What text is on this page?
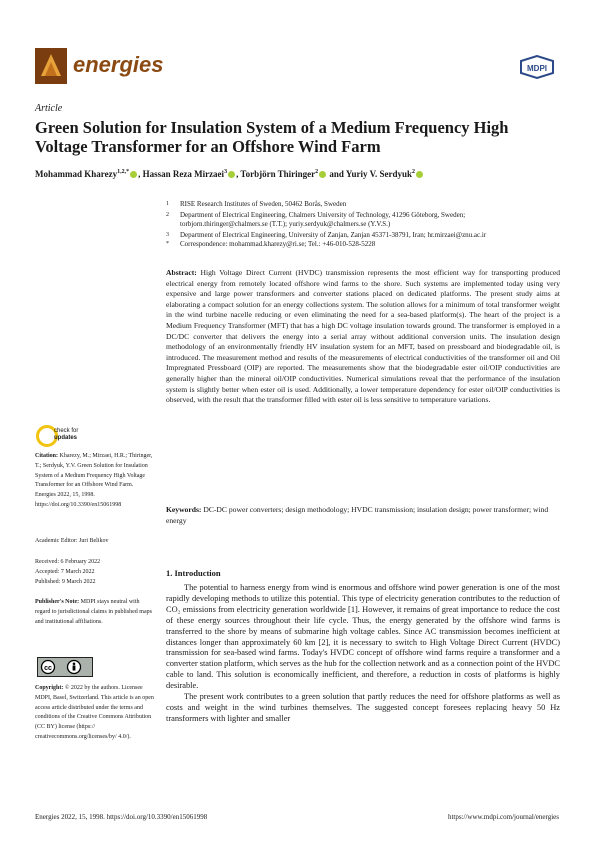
energies	MDPI
Article
Green Solution for Insulation System of a Medium Frequency High Voltage Transformer for an Offshore Wind Farm
Mohammad Kharezy$^{1,2,*}$ , Hassan Reza Mirzaei$^3$ , Torbjörn Thiringer$^2$ and Yuriy V. Serdyuk$^2$
1 RISE Research Institutes of Sweden, 50462 Borås, Sweden
2 Department of Electrical Engineering, Chalmers University of Technology, 41296 Göteborg, Sweden;
torbjorn.thiringer@chalmers.se (T.T.); yuriy.serdyuk@chalmers.se (Y.V.S.)
3 Department of Electrical Engineering, University of Zanjan, Zanjan 45371-38791, Iran; hr.mirzaei@znu.ac.ir
* Correspondence: mohammad.kharezy@ri.se; Tel.: +46-010-528-5228
Abstract: High Voltage Direct Current (HVDC) transmission represents the most efficient way for transporting produced electrical energy from remotely located offshore wind farms to the shore. Such systems are implemented today using very expensive and large power transformers and converter stations placed on dedicated platforms. The present study aims at elaborating a compact solution for an energy collections system. The solution allows for a minimum of total transformer weight in the wind turbine nacelle reducing or even eliminating the need for a sea-based platform(s). The heart of the project is a Medium Frequency Transformer (MFT) that has a high DC voltage insulation towards ground. The transformer is employed in a DC/DC converter that delivers the energy into a serial array without additional conversion units. The insulation design methodology of an environmentally friendly HV insulation system for an MFT, based on pressboard and biodegradable oil, is introduced. The measurement method and results of the measurements of electrical conductivities of the transformer oil and Oil Impregnated Pressboard (OIP) are reported. The measurements show that the biodegradable ester oil/OIP conductivities are generally higher than the mineral oil/OIP conductivities. Numerical simulations reveal that the performance of the insulation system is slightly better when ester oil is used. Additionally, a lower temperature dependency for ester oil/OIP conductivities is observed, with the result that the transformer filled with ester oil is less sensitive to temperature variations.
Keywords: DC-DC power converters; design methodology; HVDC transmission; insulation design; power transformer; wind energy
check for
updates
Citation: Kharezy, M.; Mirzaei, H.R.; Thiringer, T.; Serdyuk, Y.V. Green Solution for Insulation System of a Medium Frequency High Voltage Transformer for an Offshore Wind Farm. Energies 2022, 15, 1998. https://doi.org/10.3390/en15061998
Academic Editor: Juri Belikov
Received: 6 February 2022
Accepted: 7 March 2022
Published: 9 March 2022
Publisher's Note: MDPI stays neutral with regard to jurisdictional claims in published maps and institutional affiliations.
cc
Copyright: © 2022 by the authors. Licensee MDPI, Basel, Switzerland. This article is an open access article distributed under the terms and conditions of the Creative Commons Attribution (CC BY) license (https:// creativecommons.org/licenses/by/ 4.0/).
1. Introduction

The potential to harness energy from wind is enormous and offshore wind power generation is one of the most rapidly developing methods to utilize this potential. This type of electricity generation contributes to the reduction of CO₂ emissions from electricity generation worldwide [1]. However, it remains of great importance to reduce the cost of these energy sources throughout their life cycle. Thus, the energy generated by the offshore wind farms is transferred to the shore by means of submarine high voltage cables. Since AC transmission becomes inefficient at distances longer than approximately 60 km [2], it is necessary to switch to High Voltage Direct Current (HVDC) transmission for sea-based wind farms. Today's HVDC concept of offshore wind farms require a transformer and a converter station platform, which serves as the hub for the collection network and as a connection point of the HVDC cable to land. This solution is economically inefficient, and therefore, a reduction in costs of platforms is highly desirable.

The present work contributes to a green solution that partly reduces the need for offshore platforms as well as costs and weight in the wind turbines themselves. The suggested concept foresees replacing heavy 50 Hz transformers with lighter and smaller

Energies 2022, 15, 1998. https://doi.org/10.3390/en15061998	https://www.mdpi.com/journal/energies
